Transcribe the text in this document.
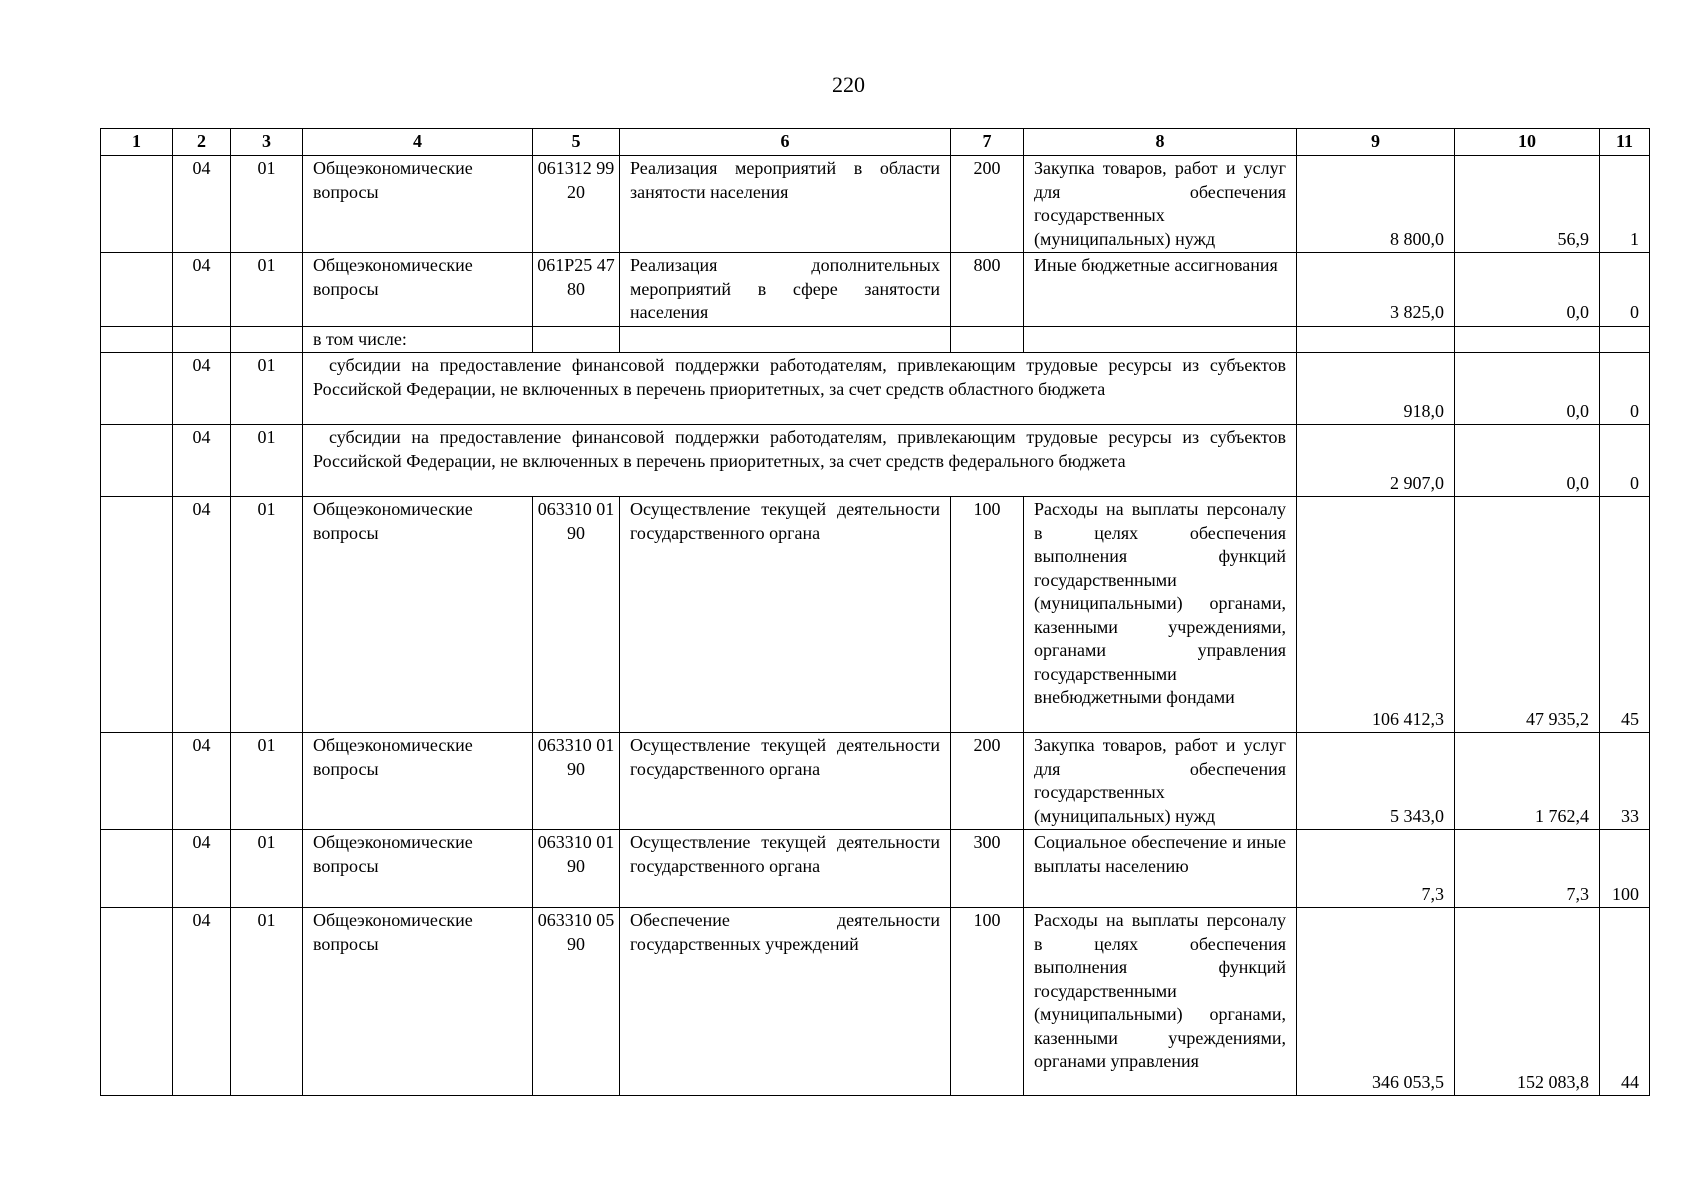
220
1	2	3	4	5	6	7	8	9	10	11
	04	01	Общеэкономические вопросы	061312 9920	Реализация мероприятий в области занятости населения	200	Закупка товаров, работ и услуг для обеспечения государственных (муниципальных) нужд	8 800,0	56,9	1
	04	01	Общеэкономические вопросы	061Р25 4780	Реализация дополнительных мероприятий в сфере занятости населения	800	Иные бюджетные ассигнования	3 825,0	0,0	0
			в том числе:							
	04	01	субсидии на предоставление финансовой поддержки работодателям, привлекающим трудовые ресурсы из субъектов Российской Федерации, не включенных в перечень приоритетных, за счет средств областного бюджета					918,0	0,0	0
	04	01	субсидии на предоставление финансовой поддержки работодателям, привлекающим трудовые ресурсы из субъектов Российской Федерации, не включенных в перечень приоритетных, за счет средств федерального бюджета					2 907,0	0,0	0
	04	01	Общеэкономические вопросы	063310 0190	Осуществление текущей деятельности государственного органа	100	Расходы на выплаты персоналу в целях обеспечения выполнения функций государственными (муниципальными) органами, казенными учреждениями, органами управления государственными внебюджетными фондами	106 412,3	47 935,2	45
	04	01	Общеэкономические вопросы	063310 0190	Осуществление текущей деятельности государственного органа	200	Закупка товаров, работ и услуг для обеспечения государственных (муниципальных) нужд	5 343,0	1 762,4	33
	04	01	Общеэкономические вопросы	063310 0190	Осуществление текущей деятельности государственного органа	300	Социальное обеспечение и иные выплаты населению	7,3	7,3	100
	04	01	Общеэкономические вопросы	063310 0590	Обеспечение деятельности государственных учреждений	100	Расходы на выплаты персоналу в целях обеспечения выполнения функций государственными (муниципальными) органами, казенными учреждениями, органами управления	346 053,5	152 083,8	44
